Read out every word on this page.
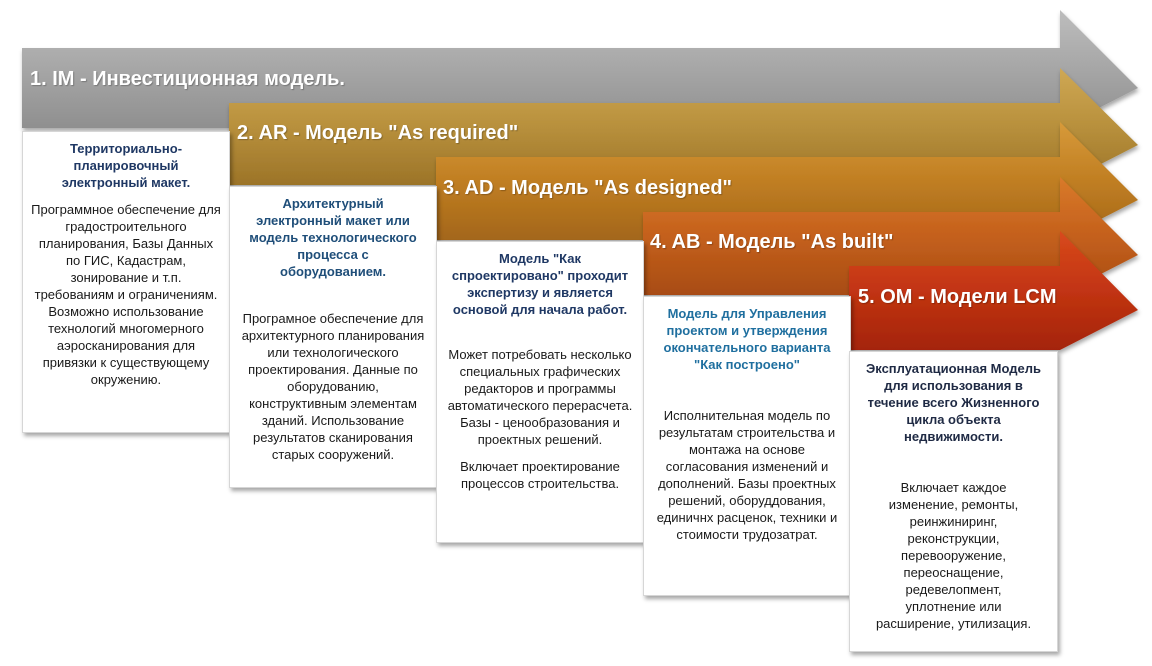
1. IM - Инвестиционная модель.
2. AR - Модель "As required"
3. AD - Модель "As designed"
4. AB - Модель "As built"
5. OM - Модели LCM
Территориально-планировочный электронный макет.
Программное обеспечение для градостроительного планирования, Базы Данных по ГИС, Кадастрам, зонирование и т.п. требованиям и ограничениям. Возможно использование технологий многомерного аэросканирования для привязки к существующему окружению.
Архитектурный электронный макет или модель технологического процесса с оборудованием.
Програмное обеспечение для архитектурного планирования или технологического проектирования. Данные по оборудованию, конструктивным элементам зданий. Использование результатов сканирования старых сооружений.
Модель "Как спроектировано" проходит экспертизу и является основой для начала работ.
Может потребовать несколько специальных графических редакторов и программы автоматического перерасчета. Базы - ценообразования и проектных решений.
Включает проектирование процессов строительства.
Модель для Управления проектом и утверждения окончательного варианта "Как построено"
Исполнительная модель по результатам строительства и монтажа на основе согласования изменений и дополнений. Базы проектных решений, оборуддования, единичнх расценок, техники и стоимости трудозатрат.
Эксплуатационная Модель для использования в течение всего Жизненного цикла объекта недвижимости.
Включает каждое изменение, ремонты, реинжиниринг, реконструкции, перевооружение, переоснащение, редевелопмент, уплотнение или расширение, утилизация.
